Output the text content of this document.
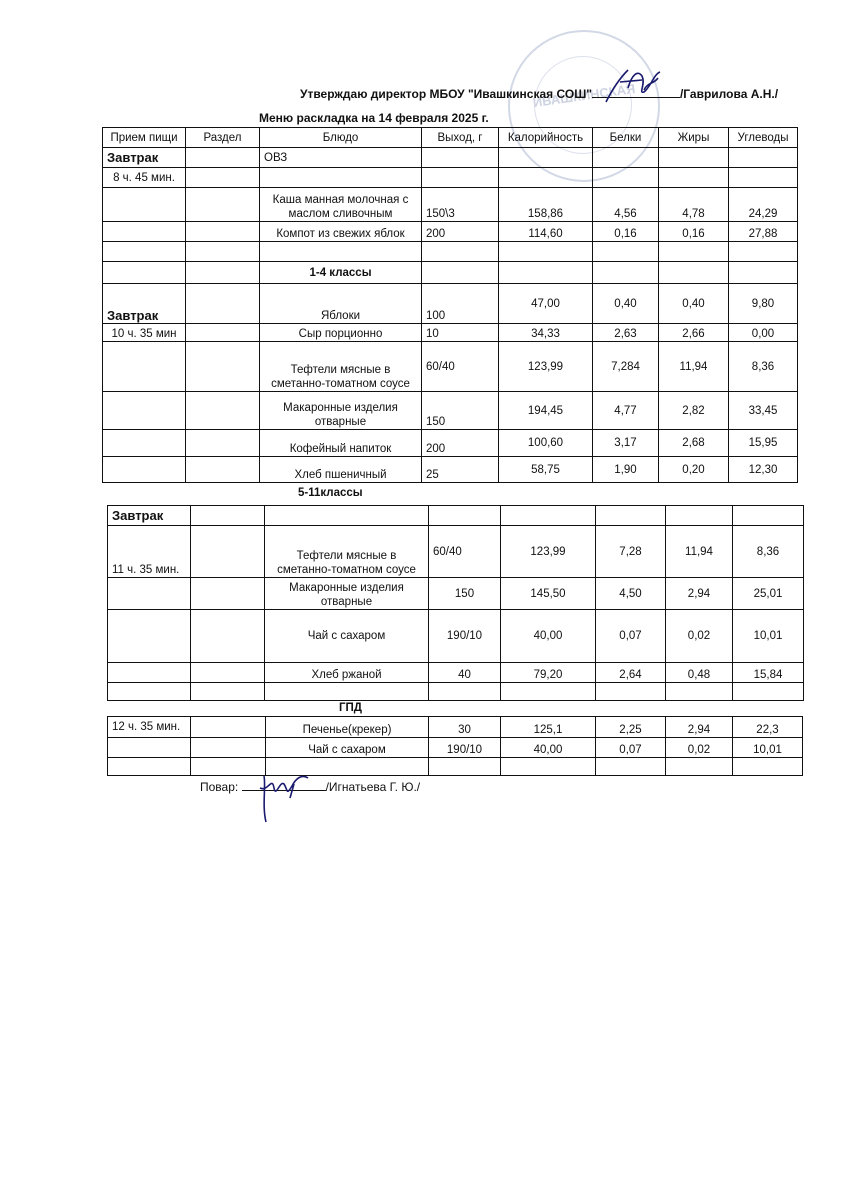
ИВАШКИНСКАЯ
Утверждаю директор МБОУ "Ивашкинская СОШ"	/Гаврилова А.Н./
Меню раскладка на 14 февраля 2025 г.
Прием пищи	Раздел	Блюдо	Выход, г	Калорийность	Белки	Жиры	Углеводы
Завтрак		ОВЗ					
8 ч. 45 мин.							
		Каша манная молочная с маслом сливочным	150\3	158,86	4,56	4,78	24,29
		Компот из свежих яблок	200	114,60	0,16	0,16	27,88

		1-4 классы					
Завтрак		Яблоки	100	47,00	0,40	0,40	9,80
10 ч. 35 мин		Сыр порционно	10	34,33	2,63	2,66	0,00
		Тефтели мясные в сметанно-томатном соусе	60/40	123,99	7,284	11,94	8,36
		Макаронные изделия отварные	150	194,45	4,77	2,82	33,45
		Кофейный напиток	200	100,60	3,17	2,68	15,95
		Хлеб пшеничный	25	58,75	1,90	0,20	12,30
5-11классы
Завтрак							
11 ч. 35 мин.		Тефтели мясные в сметанно-томатном соусе	60/40	123,99	7,28	11,94	8,36
		Макаронные изделия отварные	150	145,50	4,50	2,94	25,01
		Чай с сахаром	190/10	40,00	0,07	0,02	10,01
		Хлеб ржаной	40	79,20	2,64	0,48	15,84

ГПД
12 ч. 35 мин.		Печенье(крекер)	30	125,1	2,25	2,94	22,3
		Чай с сахаром	190/10	40,00	0,07	0,02	10,01

Повар:	/Игнатьева Г. Ю./
